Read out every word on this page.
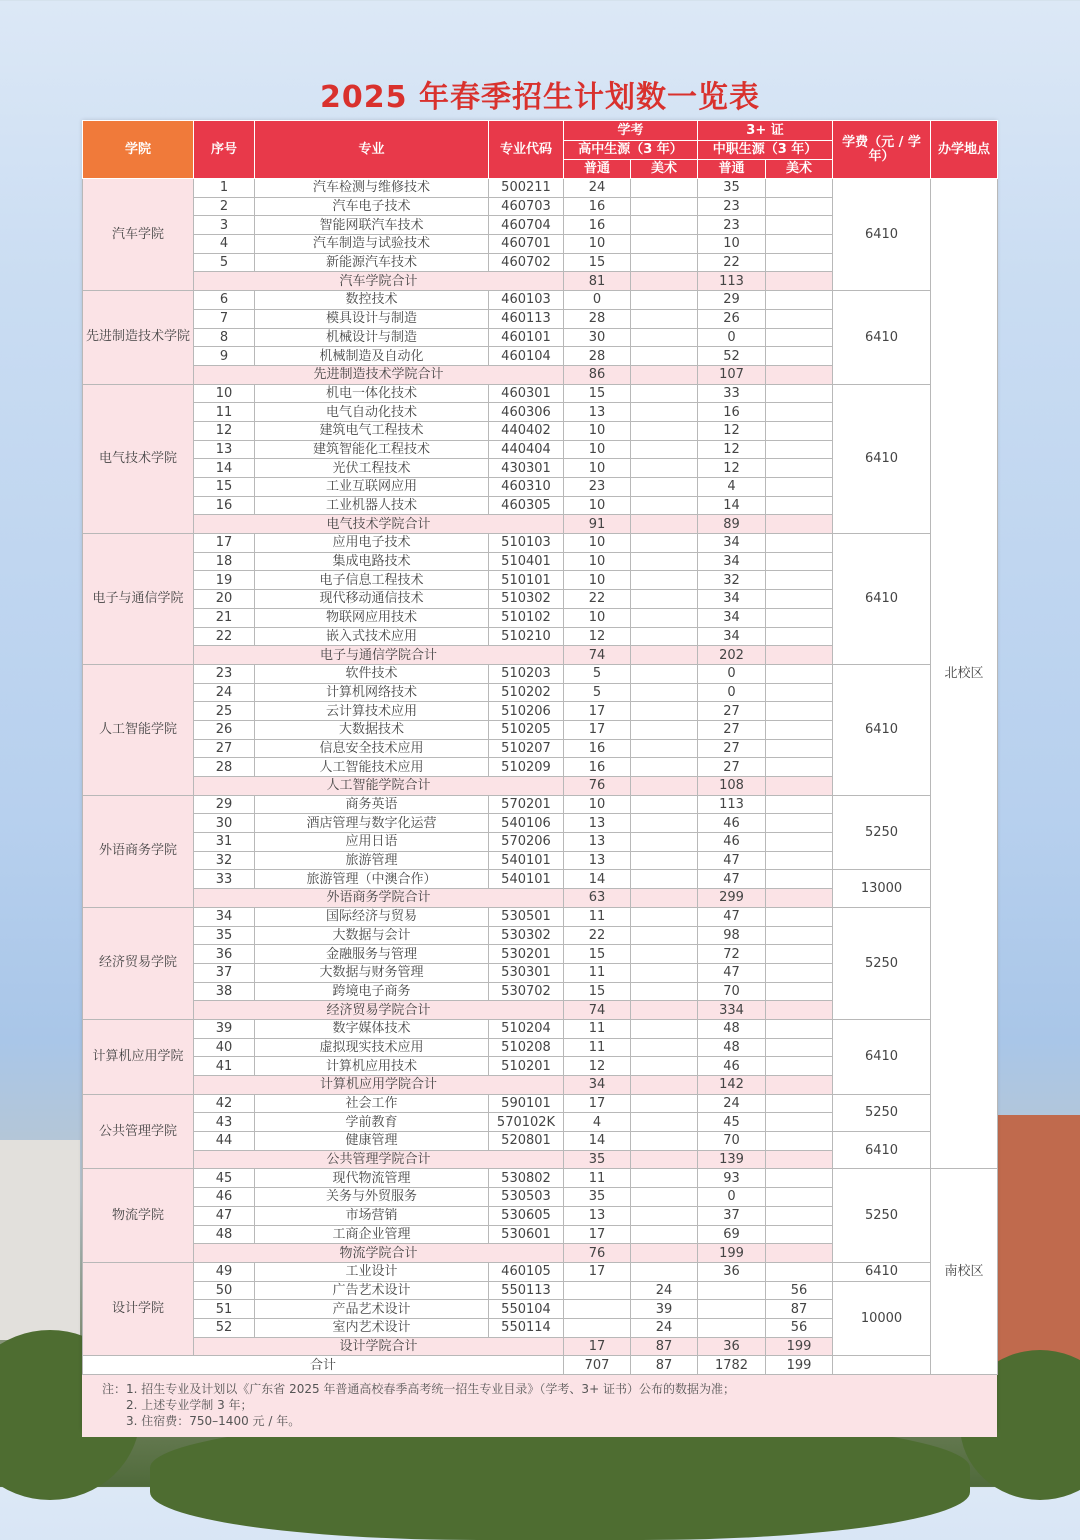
2025 年春季招生计划数一览表
学院	序号	专业	专业代码	学考		3+ 证		学费（元 / 学年）	办学地点
				高中生源（3 年）		中职生源（3 年）			
				普通	美术	普通	美术		
汽车学院	1	汽车检测与维修技术	500211	24		35		6410	北校区
	2	汽车电子技术	460703	16		23			
	3	智能网联汽车技术	460704	16		23			
	4	汽车制造与试验技术	460701	10		10			
	5	新能源汽车技术	460702	15		22			
	汽车学院合计			81		113			
先进制造技术学院	6	数控技术	460103	0		29		6410	
	7	模具设计与制造	460113	28		26			
	8	机械设计与制造	460101	30		0			
	9	机械制造及自动化	460104	28		52			
	先进制造技术学院合计			86		107			
电气技术学院	10	机电一体化技术	460301	15		33		6410	
	11	电气自动化技术	460306	13		16			
	12	建筑电气工程技术	440402	10		12			
	13	建筑智能化工程技术	440404	10		12			
	14	光伏工程技术	430301	10		12			
	15	工业互联网应用	460310	23		4			
	16	工业机器人技术	460305	10		14			
	电气技术学院合计			91		89			
电子与通信学院	17	应用电子技术	510103	10		34		6410	
	18	集成电路技术	510401	10		34			
	19	电子信息工程技术	510101	10		32			
	20	现代移动通信技术	510302	22		34			
	21	物联网应用技术	510102	10		34			
	22	嵌入式技术应用	510210	12		34			
	电子与通信学院合计			74		202			
人工智能学院	23	软件技术	510203	5		0		6410	
	24	计算机网络技术	510202	5		0			
	25	云计算技术应用	510206	17		27			
	26	大数据技术	510205	17		27			
	27	信息安全技术应用	510207	16		27			
	28	人工智能技术应用	510209	16		27			
	人工智能学院合计			76		108			
外语商务学院	29	商务英语	570201	10		113		5250	
	30	酒店管理与数字化运营	540106	13		46			
	31	应用日语	570206	13		46			
	32	旅游管理	540101	13		47			
	33	旅游管理（中澳合作）	540101	14		47		13000	
	外语商务学院合计			63		299			
经济贸易学院	34	国际经济与贸易	530501	11		47		5250	
	35	大数据与会计	530302	22		98			
	36	金融服务与管理	530201	15		72			
	37	大数据与财务管理	530301	11		47			
	38	跨境电子商务	530702	15		70			
	经济贸易学院合计			74		334			
计算机应用学院	39	数字媒体技术	510204	11		48		6410	
	40	虚拟现实技术应用	510208	11		48			
	41	计算机应用技术	510201	12		46			
	计算机应用学院合计			34		142			
公共管理学院	42	社会工作	590101	17		24		5250	
	43	学前教育	570102K	4		45			
	44	健康管理	520801	14		70		6410	
	公共管理学院合计			35		139			
物流学院	45	现代物流管理	530802	11		93		5250	南校区
	46	关务与外贸服务	530503	35		0			
	47	市场营销	530605	13		37			
	48	工商企业管理	530601	17		69			
	物流学院合计			76		199			
设计学院	49	工业设计	460105	17		36		6410	
	50	广告艺术设计	550113		24		56	10000	
	51	产品艺术设计	550104		39		87		
	52	室内艺术设计	550114		24		56		
	设计学院合计			17	87	36	199		
合计				707	87	1782	199		
注：1. 招生专业及计划以《广东省 2025 年普通高校春季高考统一招生专业目录》（学考、3+ 证书）公布的数据为准；
2. 上述专业学制 3 年；
3. 住宿费：750–1400 元 / 年。
